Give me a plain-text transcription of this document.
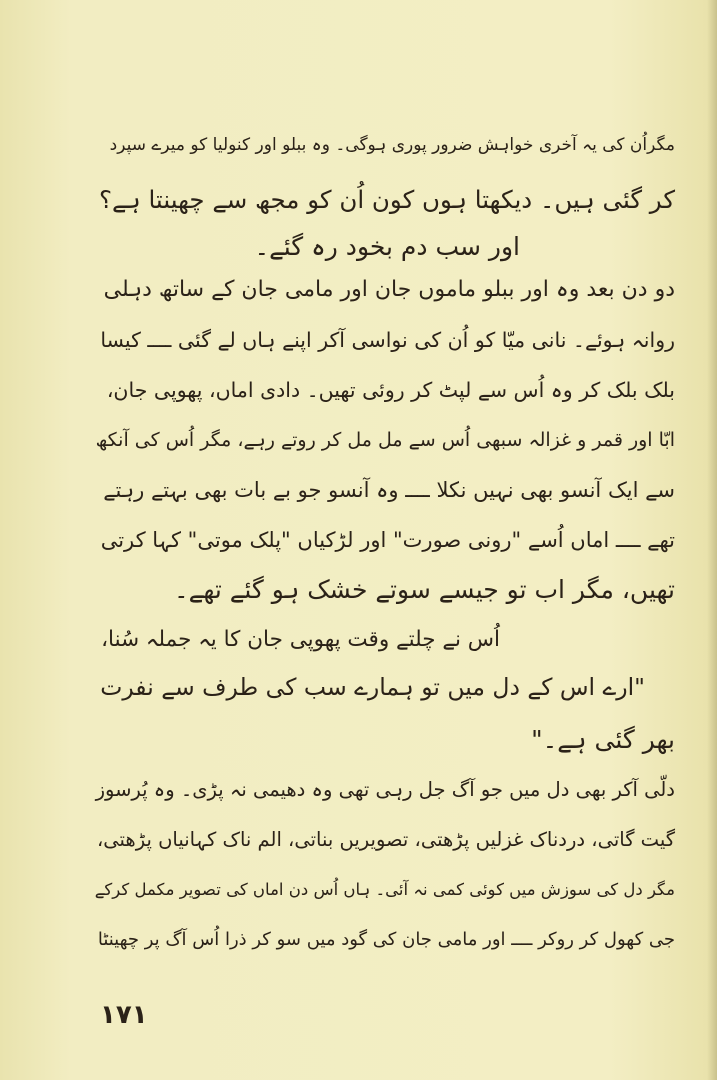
مگراُن کی یہ آخری خواہش ضرور پوری ہوگی۔ وہ ببلو اور کنولیا کو میرے سپرد
کر گئی ہیں۔ دیکھتا ہوں کون اُن کو مجھ سے چھینتا ہے؟
اور سب دم بخود رہ گئے۔
دو دن بعد وہ اور ببلو ماموں جان اور مامی جان کے ساتھ دہلی
روانہ ہوئے۔ نانی میّا کو اُن کی نواسی آکر اپنے ہاں لے گئی ــــ کیسا
بلک بلک کر وہ اُس سے لپٹ کر روئی تھیں۔ دادی اماں، پھوپی جان،
ابّا اور قمر و غزالہ سبھی اُس سے مل مل کر روتے رہے، مگر اُس کی آنکھ
سے ایک آنسو بھی نہیں نکلا ــــ وہ آنسو جو بے بات بھی بہتے رہتے
تھے ــــ اماں اُسے "رونی صورت" اور لڑکیاں "پلک موتی" کہا کرتی
تھیں، مگر اب تو جیسے سوتے خشک ہو گئے تھے۔
اُس نے چلتے وقت پھوپی جان کا یہ جملہ سُنا،
"ارے اس کے دل میں تو ہمارے سب کی طرف سے نفرت
بھر گئی ہے۔"
دلّی آکر بھی دل میں جو آگ جل رہی تھی وہ دھیمی نہ پڑی۔ وہ پُرسوز
گیت گاتی، دردناک غزلیں پڑھتی، تصویریں بناتی، الم ناک کہانیاں پڑھتی،
مگر دل کی سوزش میں کوئی کمی نہ آئی۔ ہاں اُس دن اماں کی تصویر مکمل کرکے
جی کھول کر روکر ــــ اور مامی جان کی گود میں سو کر ذرا اُس آگ پر چھینٹا
۱۷۱
